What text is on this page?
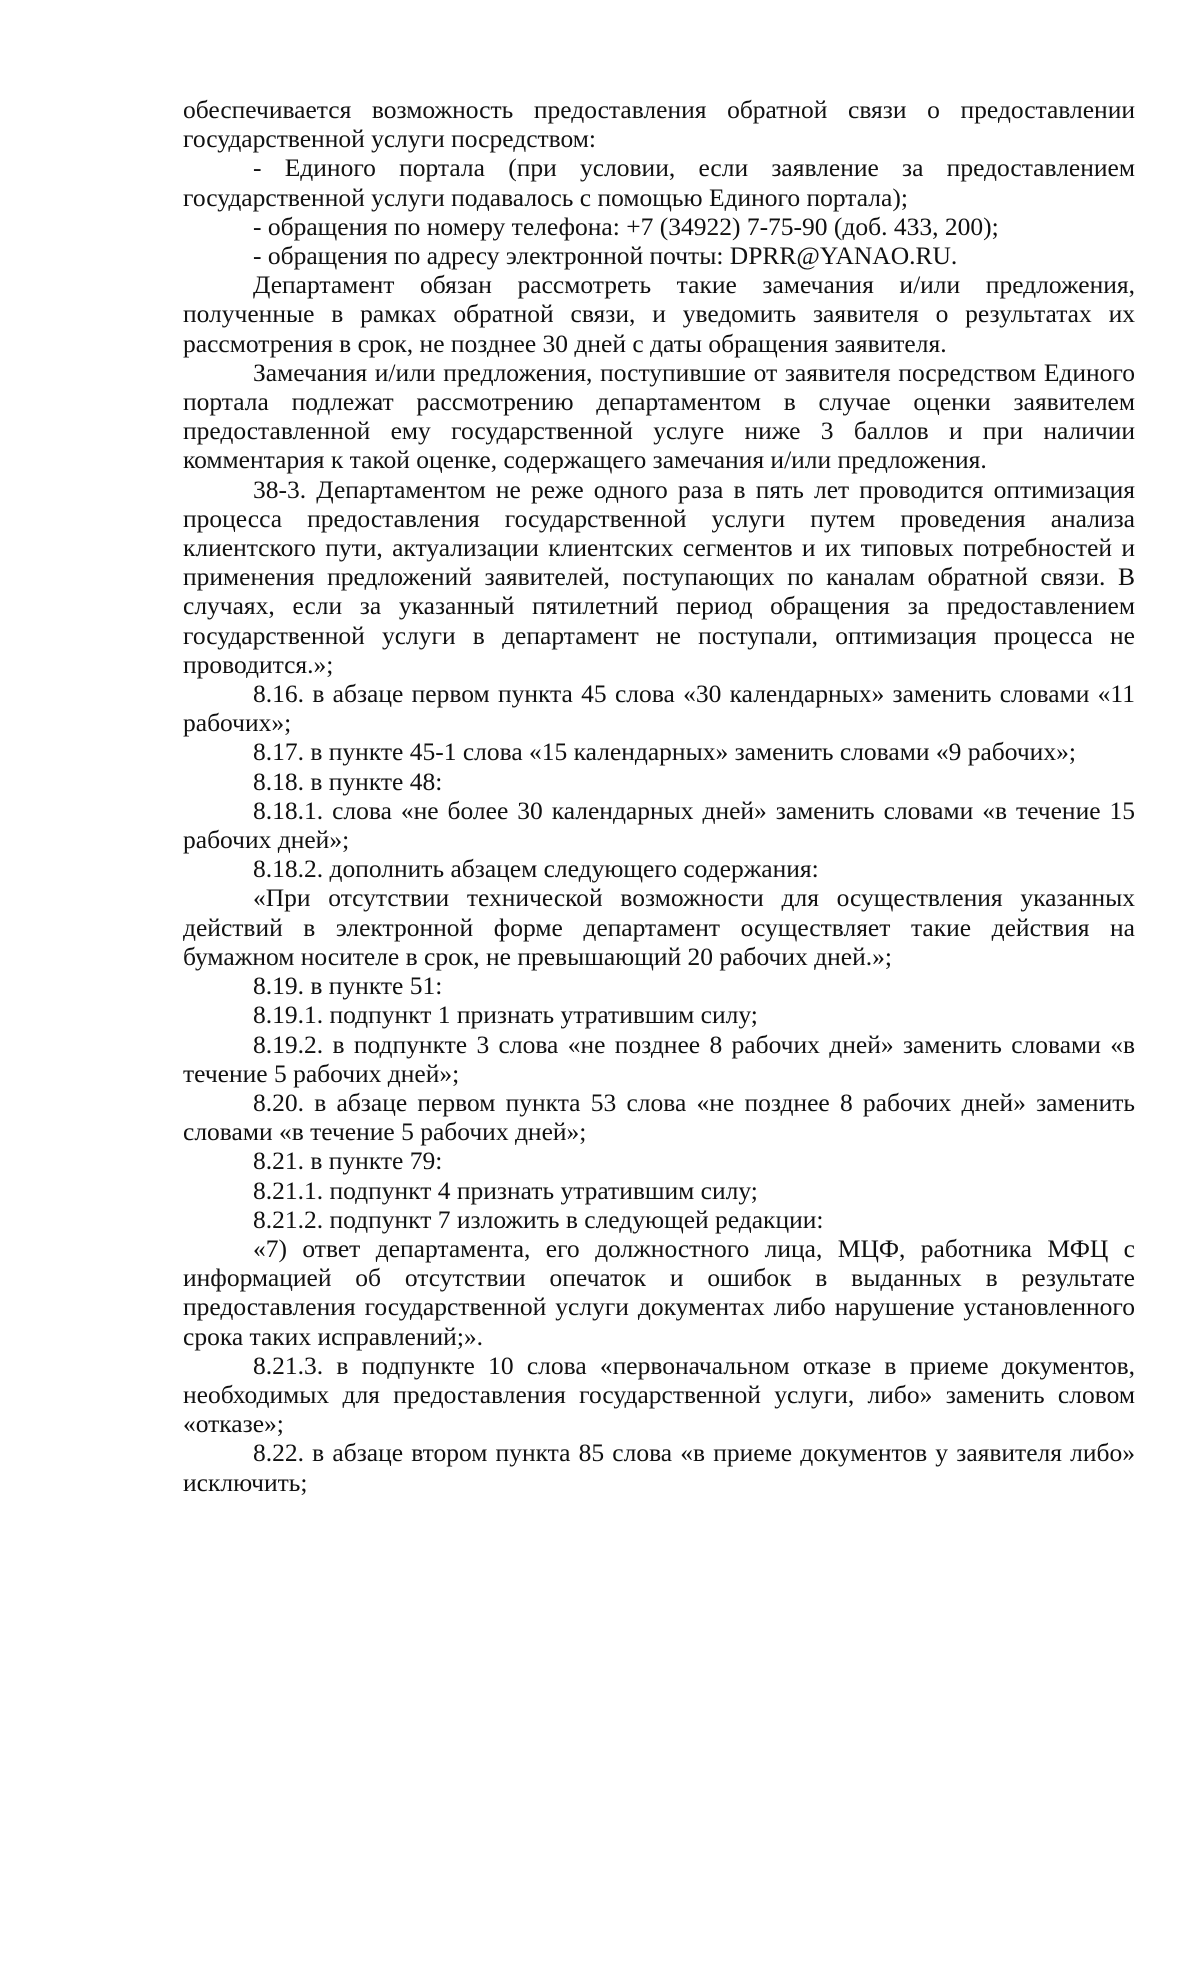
обеспечивается возможность предоставления обратной связи о предоставлении государственной услуги посредством:

- Единого портала (при условии, если заявление за предоставлением государственной услуги подавалось с помощью Единого портала);

- обращения по номеру телефона: +7 (34922) 7-75-90 (доб. 433, 200);

- обращения по адресу электронной почты: DPRR@YANAO.RU.

Департамент обязан рассмотреть такие замечания и/или предложения, полученные в рамках обратной связи, и уведомить заявителя о результатах их рассмотрения в срок, не позднее 30 дней с даты обращения заявителя.

Замечания и/или предложения, поступившие от заявителя посредством Единого портала подлежат рассмотрению департаментом в случае оценки заявителем предоставленной ему государственной услуге ниже 3 баллов и при наличии комментария к такой оценке, содержащего замечания и/или предложения.

38-3. Департаментом не реже одного раза в пять лет проводится оптимизация процесса предоставления государственной услуги путем проведения анализа клиентского пути, актуализации клиентских сегментов и их типовых потребностей и применения предложений заявителей, поступающих по каналам обратной связи. В случаях, если за указанный пятилетний период обращения за предоставлением государственной услуги в департамент не поступали, оптимизация процесса не проводится.»;

8.16. в абзаце первом пункта 45 слова «30 календарных» заменить словами «11 рабочих»;

8.17. в пункте 45-1 слова «15 календарных» заменить словами «9 рабочих»;

8.18. в пункте 48:

8.18.1. слова «не более 30 календарных дней» заменить словами «в течение 15 рабочих дней»;

8.18.2. дополнить абзацем следующего содержания:

«При отсутствии технической возможности для осуществления указанных действий в электронной форме департамент осуществляет такие действия на бумажном носителе в срок, не превышающий 20 рабочих дней.»;

8.19. в пункте 51:

8.19.1. подпункт 1 признать утратившим силу;

8.19.2. в подпункте 3 слова «не позднее 8 рабочих дней» заменить словами «в течение 5 рабочих дней»;

8.20. в абзаце первом пункта 53 слова «не позднее 8 рабочих дней» заменить словами «в течение 5 рабочих дней»;

8.21. в пункте 79:

8.21.1. подпункт 4 признать утратившим силу;

8.21.2. подпункт 7 изложить в следующей редакции:

«7) ответ департамента, его должностного лица, МЦФ, работника МФЦ с информацией об отсутствии опечаток и ошибок в выданных в результате предоставления государственной услуги документах либо нарушение установленного срока таких исправлений;».

8.21.3. в подпункте 10 слова «первоначальном отказе в приеме документов, необходимых для предоставления государственной услуги, либо» заменить словом «отказе»;

8.22. в абзаце втором пункта 85 слова «в приеме документов у заявителя либо» исключить;
